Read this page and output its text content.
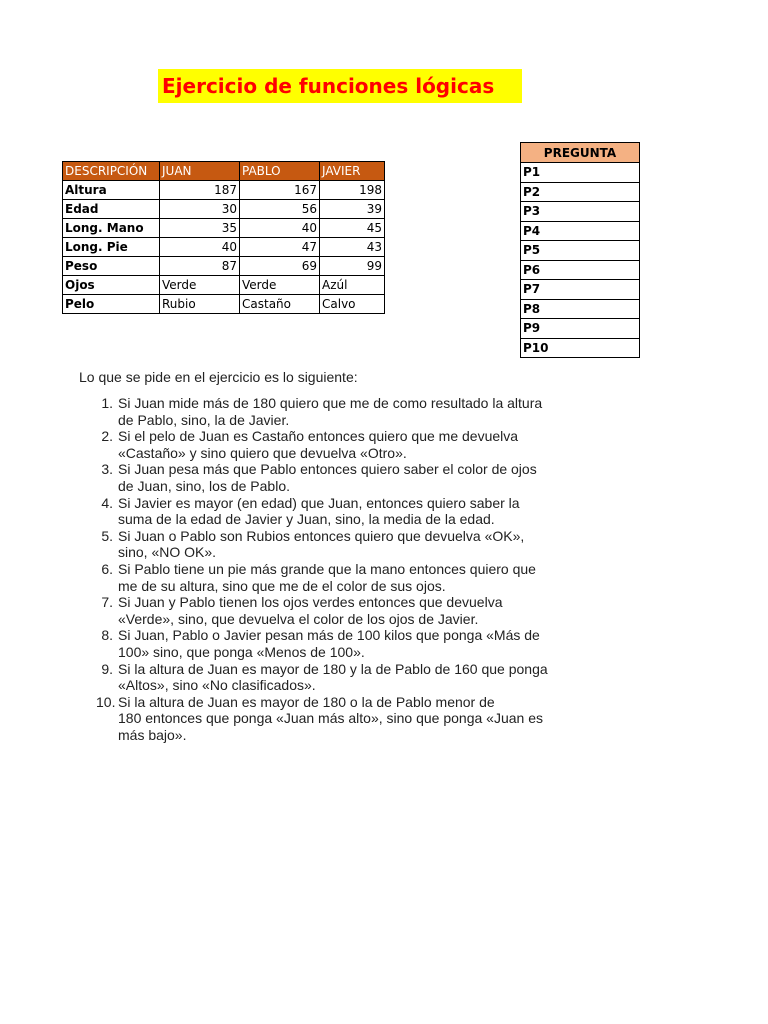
Ejercicio de funciones lógicas
DESCRIPCIÓN	JUAN	PABLO	JAVIER
Altura	187	167	198
Edad	30	56	39
Long. Mano	35	40	45
Long. Pie	40	47	43
Peso	87	69	99
Ojos	Verde	Verde	Azúl
Pelo	Rubio	Castaño	Calvo
PREGUNTA
P1
P2
P3
P4
P5
P6
P7
P8
P9
P10
Lo que se pide en el ejercicio es lo siguiente:
1. Si Juan mide más de 180 quiero que me de como resultado la altura
de Pablo, sino, la de Javier.
2. Si el pelo de Juan es Castaño entonces quiero que me devuelva
«Castaño» y sino quiero que devuelva «Otro».
3. Si Juan pesa más que Pablo entonces quiero saber el color de ojos
de Juan, sino, los de Pablo.
4. Si Javier es mayor (en edad) que Juan, entonces quiero saber la
suma de la edad de Javier y Juan, sino, la media de la edad.
5. Si Juan o Pablo son Rubios entonces quiero que devuelva «OK»,
sino, «NO OK».
6. Si Pablo tiene un pie más grande que la mano entonces quiero que
me de su altura, sino que me de el color de sus ojos.
7. Si Juan y Pablo tienen los ojos verdes entonces que devuelva
«Verde», sino, que devuelva el color de los ojos de Javier.
8. Si Juan, Pablo o Javier pesan más de 100 kilos que ponga «Más de
100» sino, que ponga «Menos de 100».
9. Si la altura de Juan es mayor de 180 y la de Pablo de 160 que ponga
«Altos», sino «No clasificados».
10. Si la altura de Juan es mayor de 180 o la de Pablo menor de
180 entonces que ponga «Juan más alto», sino que ponga «Juan es
más bajo».
